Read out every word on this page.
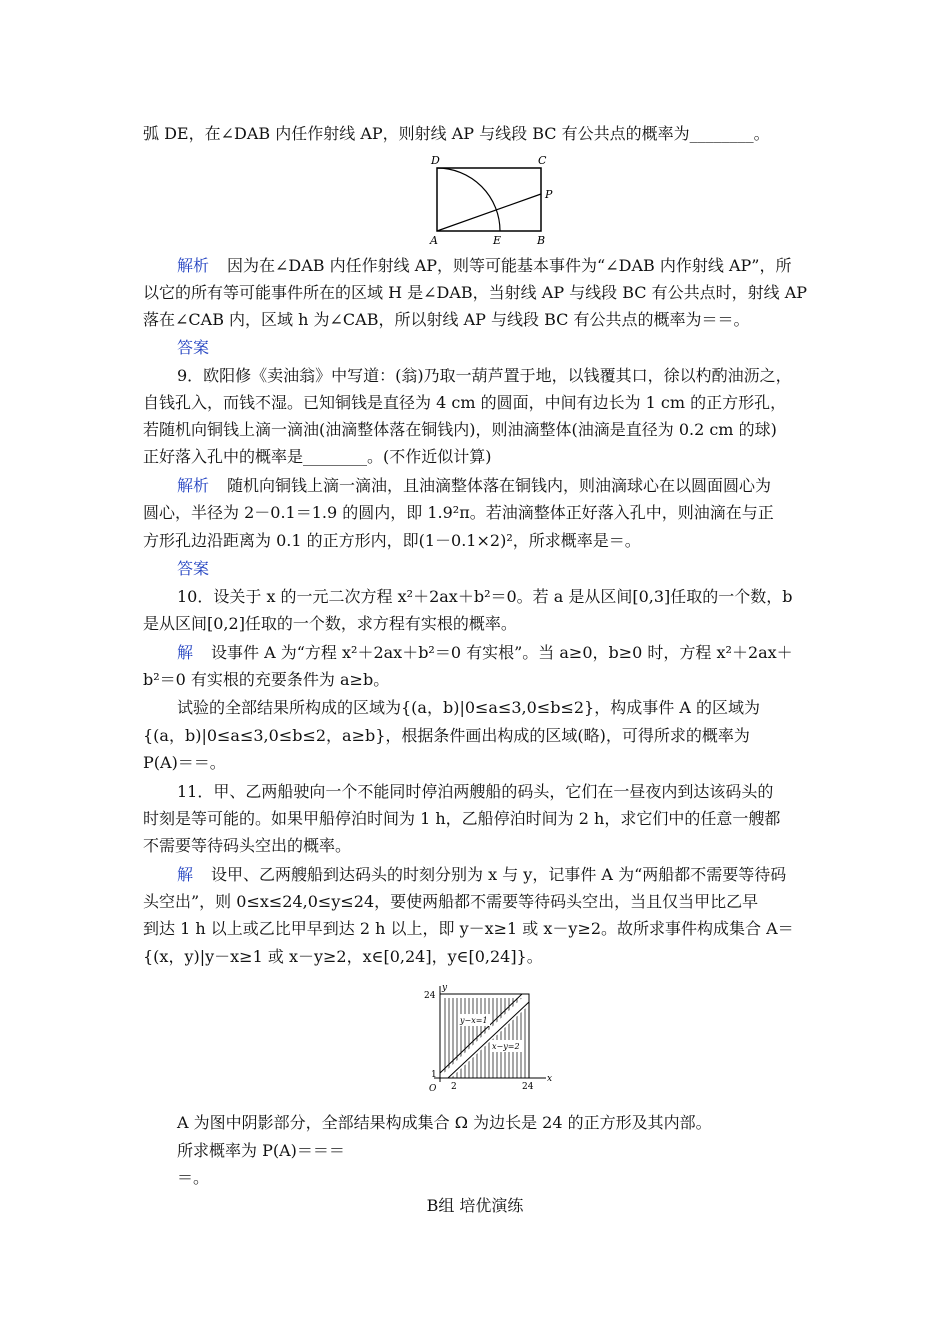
弧 DE，在∠DAB 内任作射线 AP，则射线 AP 与线段 BC 有公共点的概率为________。
D	C
P
A	E	B
解析 因为在∠DAB 内任作射线 AP，则等可能基本事件为“∠DAB 内作射线 AP”，所
以它的所有等可能事件所在的区域 H 是∠DAB，当射线 AP 与线段 BC 有公共点时，射线 AP
落在∠CAB 内，区域 h 为∠CAB，所以射线 AP 与线段 BC 有公共点的概率为＝＝。
答案
9．欧阳修《卖油翁》中写道：(翁)乃取一葫芦置于地，以钱覆其口，徐以杓酌油沥之，
自钱孔入，而钱不湿。已知铜钱是直径为 4 cm 的圆面，中间有边长为 1 cm 的正方形孔，
若随机向铜钱上滴一滴油(油滴整体落在铜钱内)，则油滴整体(油滴是直径为 0.2 cm 的球)
正好落入孔中的概率是________。(不作近似计算)
解析 随机向铜钱上滴一滴油，且油滴整体落在铜钱内，则油滴球心在以圆面圆心为
圆心，半径为 2－0.1＝1.9 的圆内，即 1.9²π。若油滴整体正好落入孔中，则油滴在与正
方形孔边沿距离为 0.1 的正方形内，即(1－0.1×2)²，所求概率是＝。
答案
10．设关于 x 的一元二次方程 x²＋2ax＋b²＝0。若 a 是从区间[0,3]任取的一个数，b
是从区间[0,2]任取的一个数，求方程有实根的概率。
解 设事件 A 为“方程 x²＋2ax＋b²＝0 有实根”。当 a≥0，b≥0 时，方程 x²＋2ax＋
b²＝0 有实根的充要条件为 a≥b。
试验的全部结果所构成的区域为{(a，b)|0≤a≤3,0≤b≤2}，构成事件 A 的区域为
{(a，b)|0≤a≤3,0≤b≤2，a≥b}，根据条件画出构成的区域(略)，可得所求的概率为
P(A)＝＝。
11．甲、乙两船驶向一个不能同时停泊两艘船的码头，它们在一昼夜内到达该码头的
时刻是等可能的。如果甲船停泊时间为 1 h，乙船停泊时间为 2 h，求它们中的任意一艘都
不需要等待码头空出的概率。
解 设甲、乙两艘船到达码头的时刻分别为 x 与 y，记事件 A 为“两船都不需要等待码
头空出”，则 0≤x≤24,0≤y≤24，要使两船都不需要等待码头空出，当且仅当甲比乙早
到达 1 h 以上或乙比甲早到达 2 h 以上，即 y－x≥1 或 x－y≥2。故所求事件构成集合 A＝
{(x，y)|y－x≥1 或 x－y≥2，x∈[0,24]，y∈[0,24]}。
y
x
24
1
2	24
O
y−x=1
x−y=2
A 为图中阴影部分，全部结果构成集合 Ω 为边长是 24 的正方形及其内部。
所求概率为 P(A)＝＝＝
＝。
B组 培优演练
